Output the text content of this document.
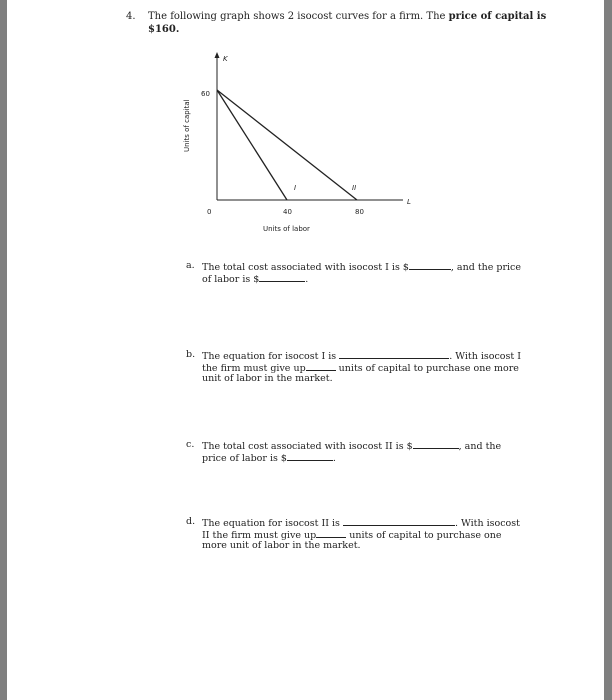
4. The following graph shows 2 isocost curves for a firm. The price of capital is
$160.
K
L
0
60
40	80
Units of labor
Units of capital
I	II
a. The total cost associated with isocost I is $	, and the price
of labor is $	.
b. The equation for isocost I is	. With isocost I
the firm must give up	units of capital to purchase one more
unit of labor in the market.
c. The total cost associated with isocost II is $	, and the
price of labor is $	.
d. The equation for isocost II is	. With isocost
II the firm must give up	units of capital to purchase one
more unit of labor in the market.
